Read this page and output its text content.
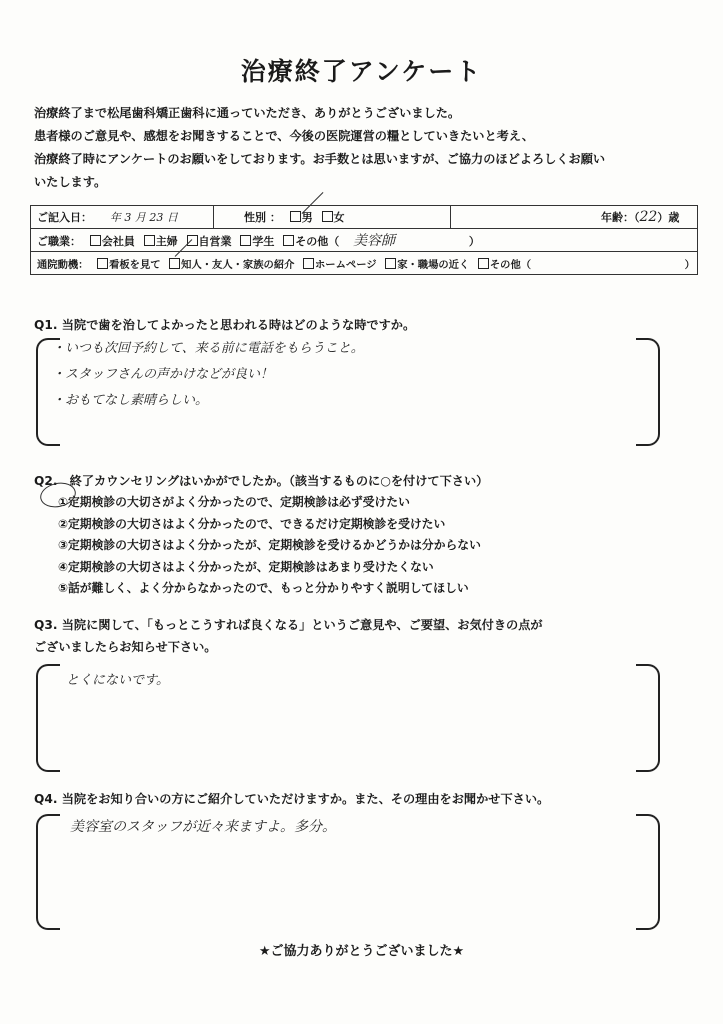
治療終了アンケート
治療終了まで松尾歯科矯正歯科に通っていただき、ありがとうございました。
患者様のご意見や、感想をお聞きすることで、今後の医院運営の糧としていきたいと考え、
治療終了時にアンケートのお願いをしております。お手数とは思いますが、ご協力のほどよろしくお願い
いたします。
ご記入日： 年 3 月 23 日	性別 ： 男 女	年齢：（22）歳
ご職業： 会社員 主婦 自営業 学生 その他（ 美容師	）
通院動機： 看板を見て 知人・友人・家族の紹介 ホームページ 家・職場の近く その他（	）
Q1. 当院で歯を治してよかったと思われる時はどのような時ですか。
・いつも次回予約して、来る前に電話をもらうこと。
・スタッフさんの声かけなどが良い！
・おもてなし素晴らしい。
Q2.　終了カウンセリングはいかがでしたか。（該当するものに○を付けて下さい）
①定期検診の大切さがよく分かったので、定期検診は必ず受けたい
②定期検診の大切さはよく分かったので、できるだけ定期検診を受けたい
③定期検診の大切さはよく分かったが、定期検診を受けるかどうかは分からない
④定期検診の大切さはよく分かったが、定期検診はあまり受けたくない
⑤話が難しく、よく分からなかったので、もっと分かりやすく説明してほしい
Q3. 当院に関して、「もっとこうすれば良くなる」というご意見や、ご要望、お気付きの点が
ございましたらお知らせ下さい。
とくにないです。
Q4. 当院をお知り合いの方にご紹介していただけますか。また、その理由をお聞かせ下さい。
美容室のスタッフが近々来ますよ。多分。
★ご協力ありがとうございました★
